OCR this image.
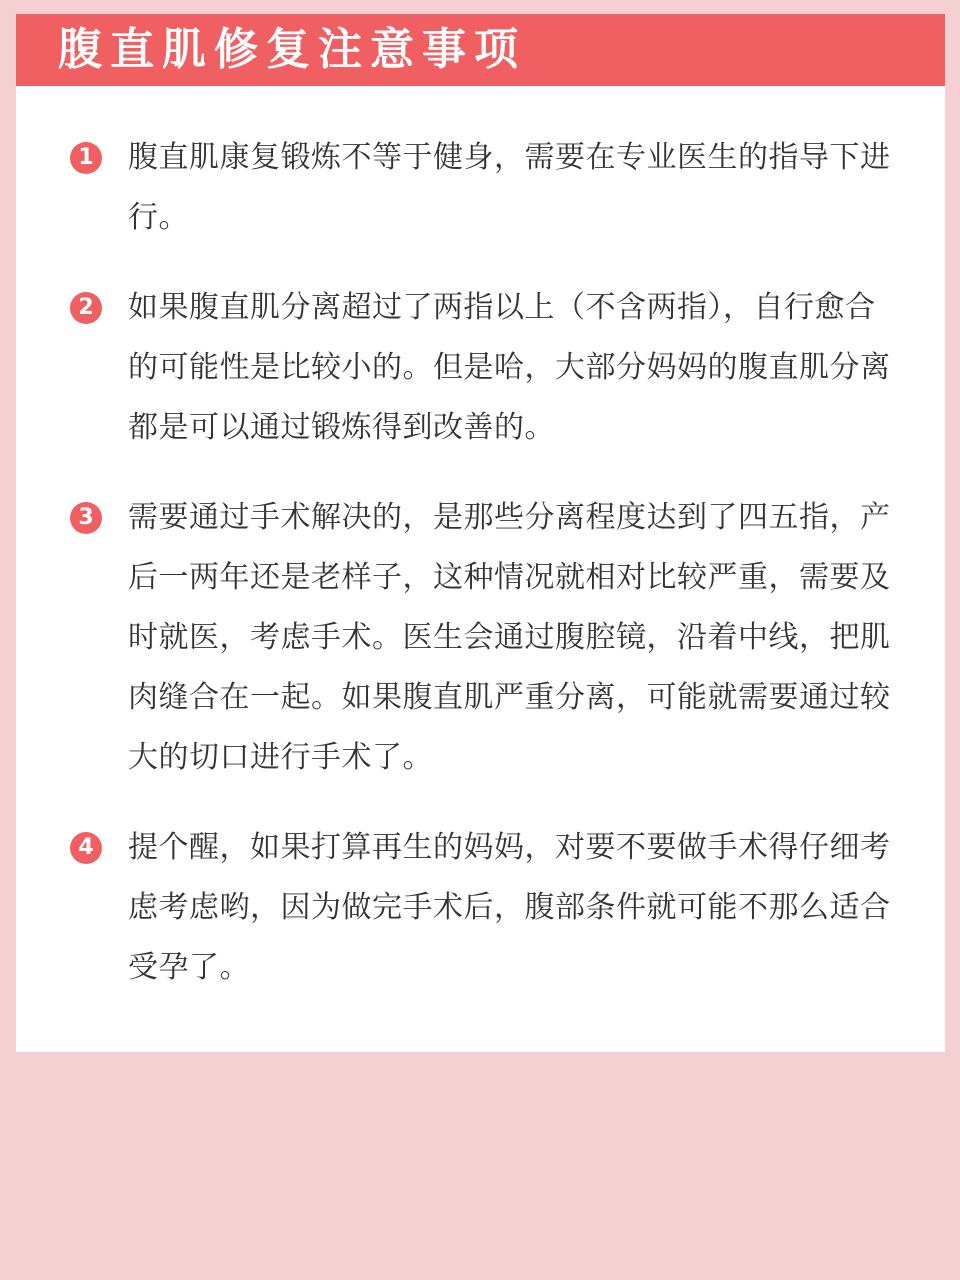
腹直肌修复注意事项
1 腹直肌康复锻炼不等于健身，需要在专业医生的指导下进行。

2 如果腹直肌分离超过了两指以上（不含两指），自行愈合的可能性是比较小的。但是哈，大部分妈妈的腹直肌分离都是可以通过锻炼得到改善的。

3 需要通过手术解决的，是那些分离程度达到了四五指，产后一两年还是老样子，这种情况就相对比较严重，需要及时就医，考虑手术。医生会通过腹腔镜，沿着中线，把肌肉缝合在一起。如果腹直肌严重分离，可能就需要通过较大的切口进行手术了。

4 提个醒，如果打算再生的妈妈，对要不要做手术得仔细考虑考虑哟，因为做完手术后，腹部条件就可能不那么适合受孕了。
